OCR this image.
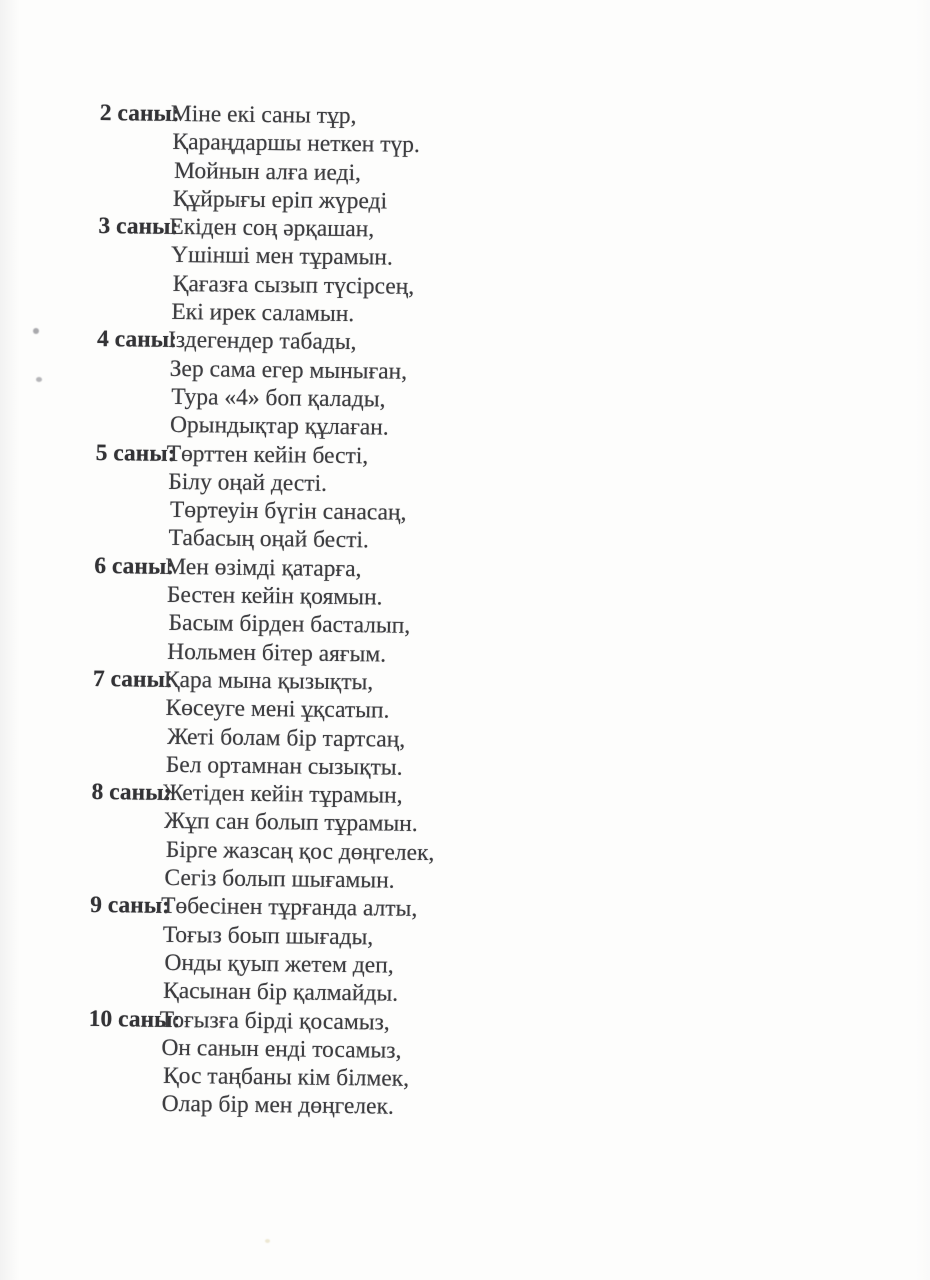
2 саны:
Міне екі саны тұр,
Қараңдаршы неткен түр.
Мойнын алға иеді,
Құйрығы еріп жүреді
3 саны:
Екіден соң әрқашан,
Үшінші мен тұрамын.
Қағазға сызып түсірсең,
Екі ирек саламын.
4 саны:
Іздегендер табады,
Зер сама егер мыныған,
Тура «4» боп қалады,
Орындықтар құлаған.
5 саны:
Төрттен кейін бесті,
Білу оңай десті.
Төртеуін бүгін санасаң,
Табасың оңай бесті.
6 саны:
Мен өзімді қатарға,
Бестен кейін қоямын.
Басым бірден басталып,
Нольмен бітер аяғым.
7 саны:
Қара мына қызықты,
Көсеуге мені ұқсатып.
Жеті болам бір тартсаң,
Бел ортамнан сызықты.
8 саны:
Жетіден кейін тұрамын,
Жұп сан болып тұрамын.
Бірге жазсаң қос дөңгелек,
Сегіз болып шығамын.
9 саны:
Төбесінен тұрғанда алты,
Тоғыз боып шығады,
Онды қуып жетем деп,
Қасынан бір қалмайды.
10 саны:
Тоғызға бірді қосамыз,
Он санын енді тосамыз,
Қос таңбаны кім білмек,
Олар бір мен дөңгелек.
